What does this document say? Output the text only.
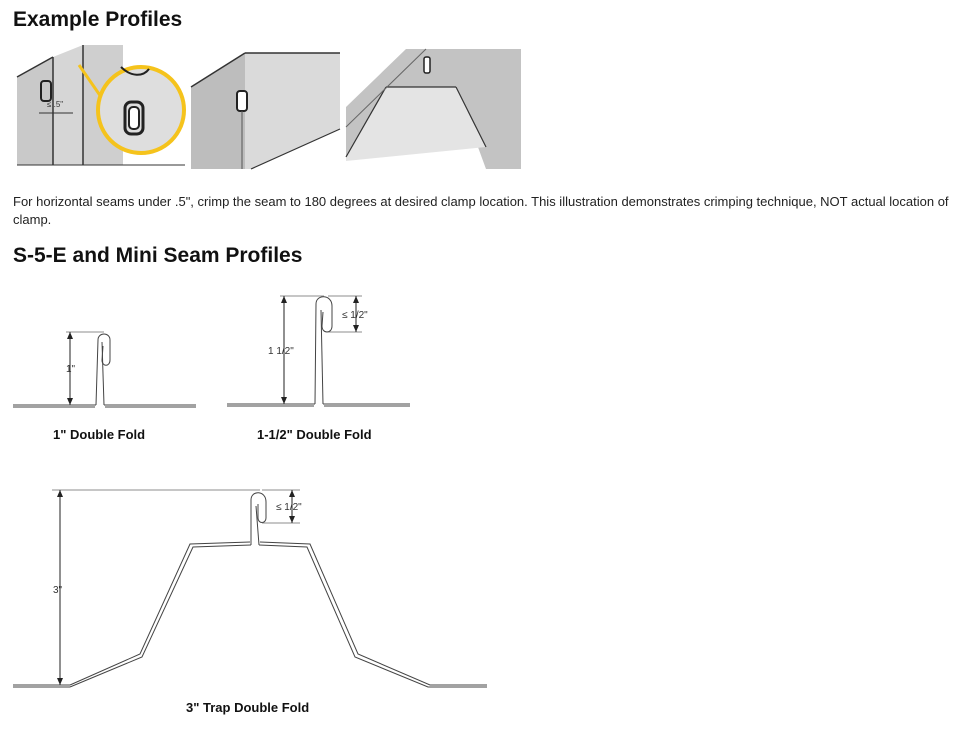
Example Profiles
≤ .5"

For horizontal seams under .5", crimp the seam to 180 degrees at desired clamp location. This illustration demonstrates crimping technique, NOT actual location of clamp.

S-5-E and Mini Seam Profiles
1"
1" Double Fold
1 1/2"
≤ 1/2"
1-1/2" Double Fold
3"
≤ 1/2"
3" Trap Double Fold
